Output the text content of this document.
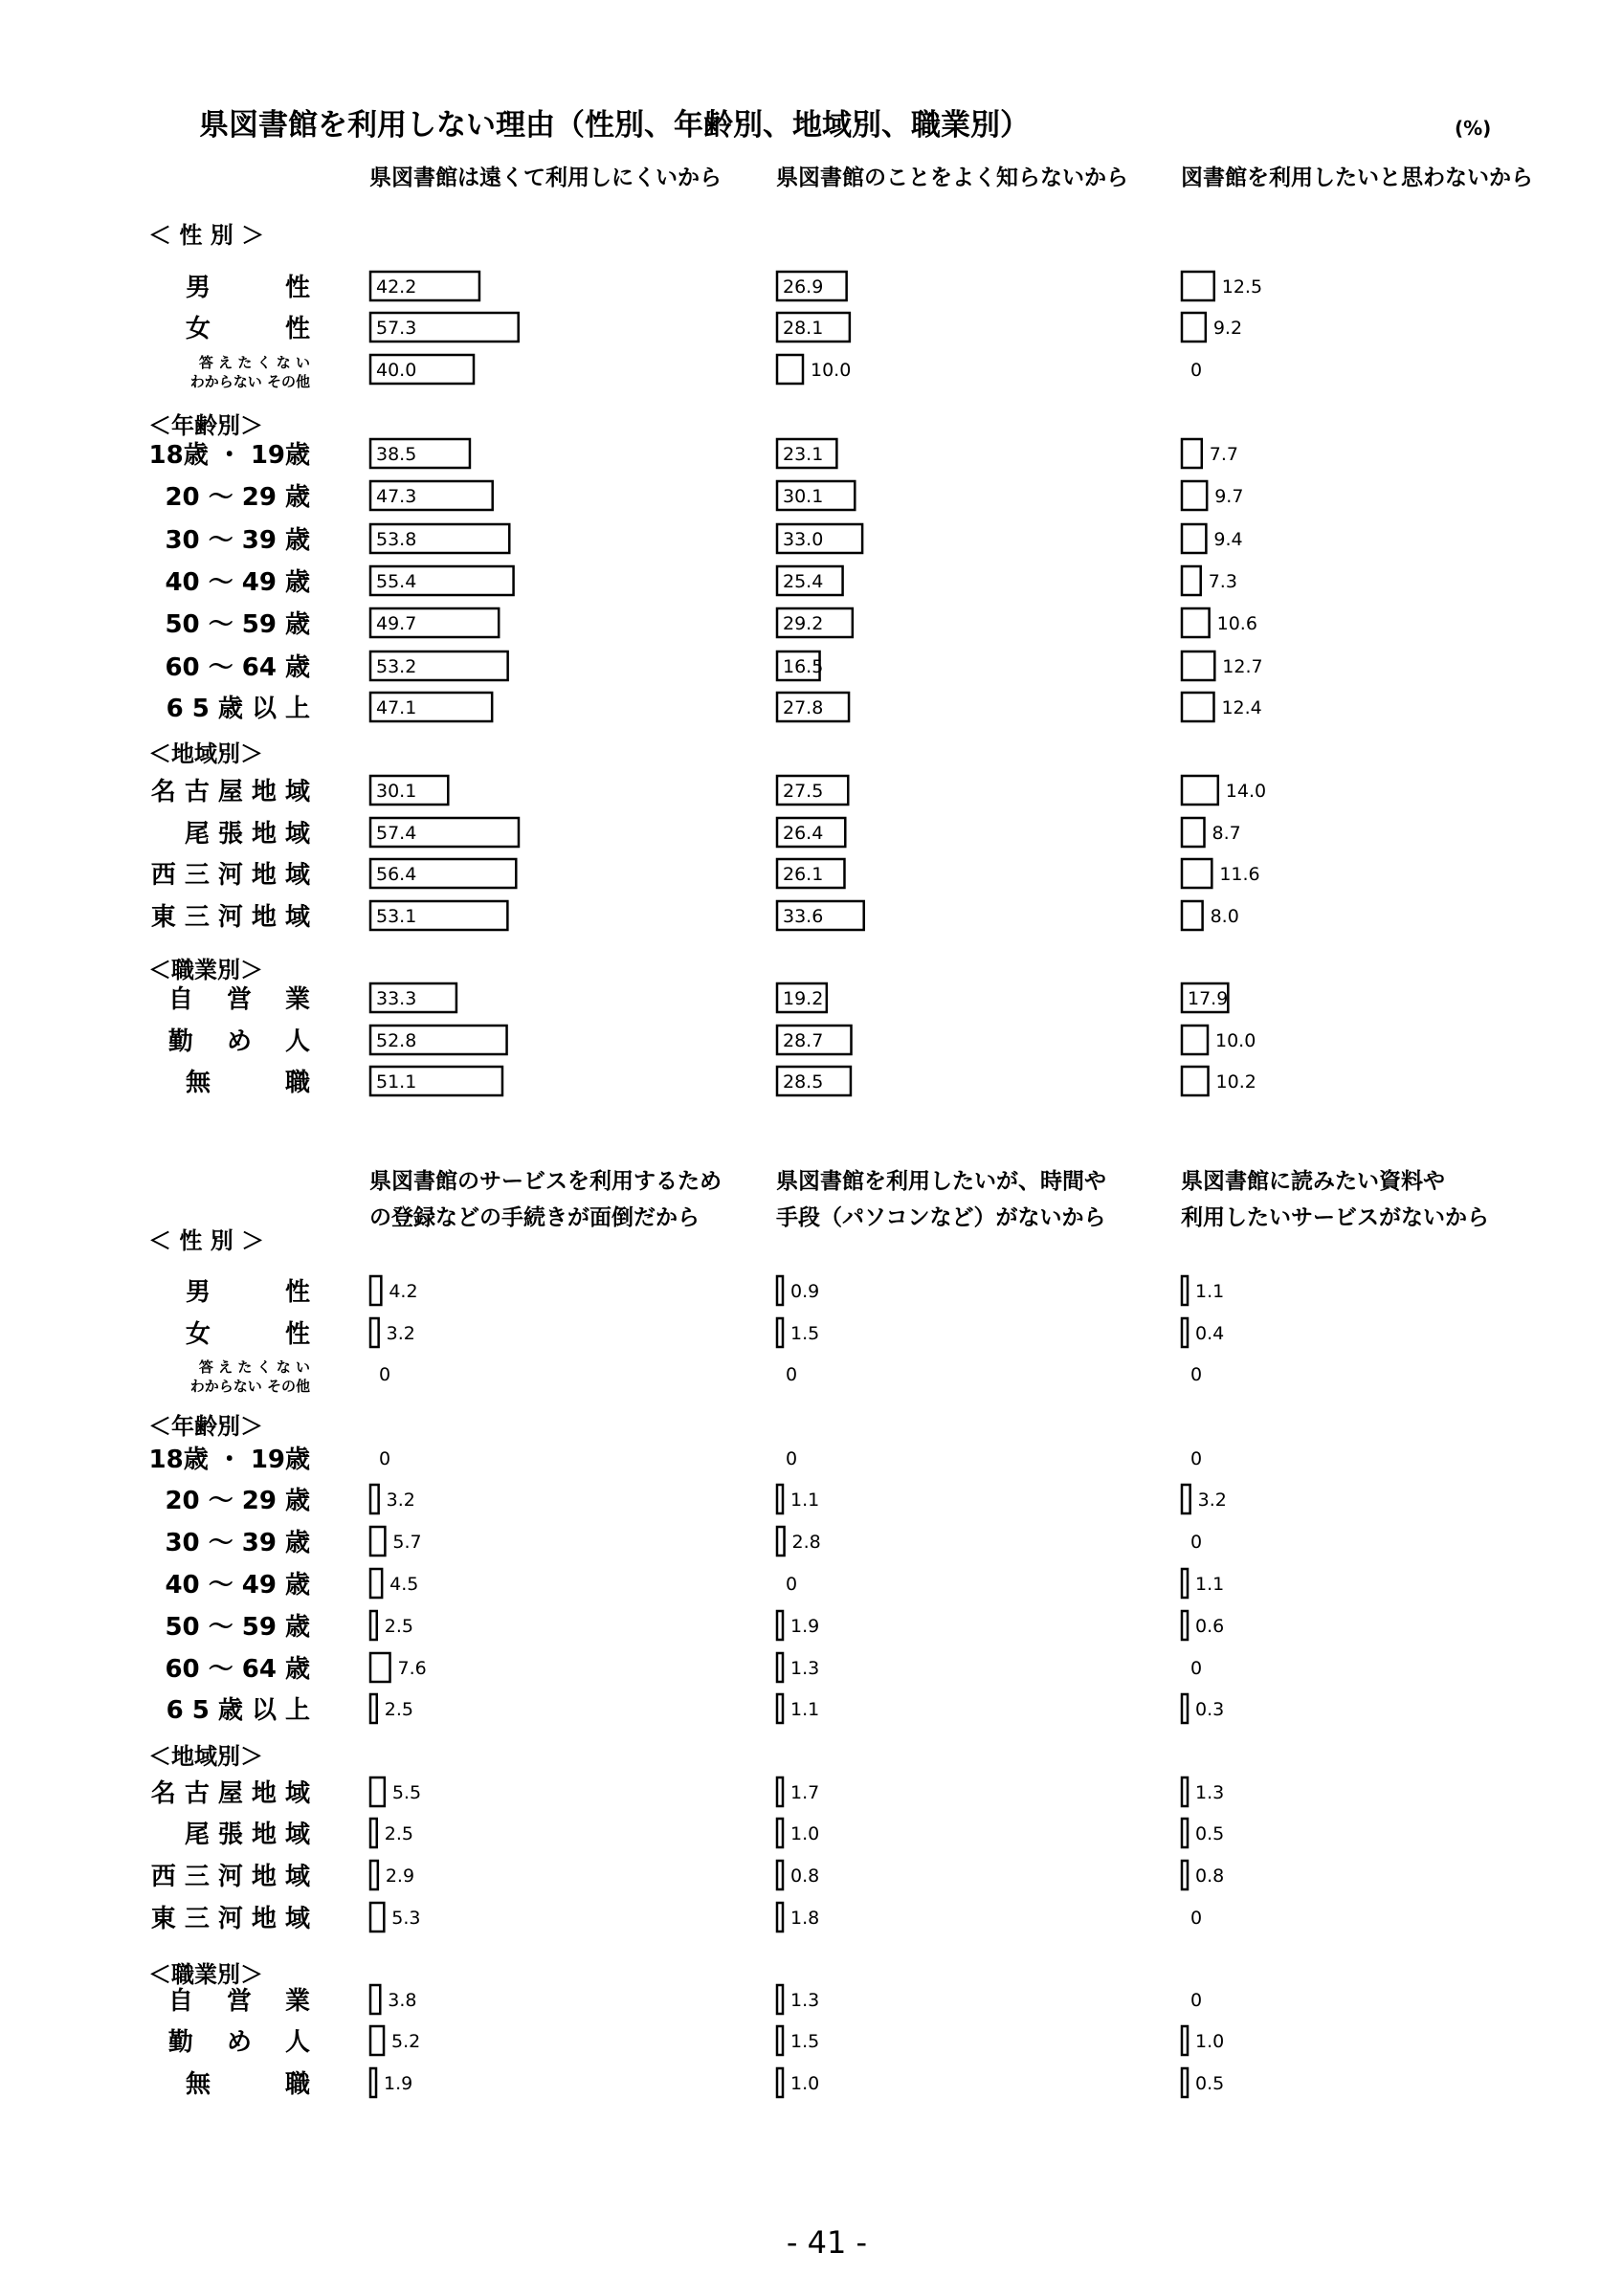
県図書館を利用しない理由（性別、年齢別、地域別、職業別）	(%)
＜ 性 別 ＞
＜年齢別＞
＜地域別＞
＜職業別＞
男　　　性
女　　　性
答 え た く な い
わからない その他
18歳 ・ 19歳
20 ～ 29 歳
30 ～ 39 歳
40 ～ 49 歳
50 ～ 59 歳
60 ～ 64 歳
6 5 歳 以 上
名 古 屋 地 域
尾 張 地 域
西 三 河 地 域
東 三 河 地 域
自　 営　 業
勤　 め　 人
無　　　職
県図書館は遠くて利用しにくいから
42.2
57.3
40.0
38.5
47.3
53.8
55.4
49.7
53.2
47.1
30.1
57.4
56.4
53.1
33.3
52.8
51.1
県図書館のことをよく知らないから
26.9
28.1
10.0
23.1
30.1
33.0
25.4
29.2
16.5
27.8
27.5
26.4
26.1
33.6
19.2
28.7
28.5
図書館を利用したいと思わないから
12.5
9.2
0
7.7
9.7
9.4
7.3
10.6
12.7
12.4
14.0
8.7
11.6
8.0
17.9
10.0
10.2
＜ 性 別 ＞
＜年齢別＞
＜地域別＞
＜職業別＞
男　　　性
女　　　性
答 え た く な い
わからない その他
18歳 ・ 19歳
20 ～ 29 歳
30 ～ 39 歳
40 ～ 49 歳
50 ～ 59 歳
60 ～ 64 歳
6 5 歳 以 上
名 古 屋 地 域
尾 張 地 域
西 三 河 地 域
東 三 河 地 域
自　 営　 業
勤　 め　 人
無　　　職
県図書館のサービスを利用するため
の登録などの手続きが面倒だから
4.2
3.2
0
0
3.2
5.7
4.5
2.5
7.6
2.5
5.5
2.5
2.9
5.3
3.8
5.2
1.9
県図書館を利用したいが、時間や
手段（パソコンなど）がないから
0.9
1.5
0
0
1.1
2.8
0
1.9
1.3
1.1
1.7
1.0
0.8
1.8
1.3
1.5
1.0
県図書館に読みたい資料や
利用したいサービスがないから
1.1
0.4
0
0
3.2
0
1.1
0.6
0
0.3
1.3
0.5
0.8
0
0
1.0
0.5
- 41 -
